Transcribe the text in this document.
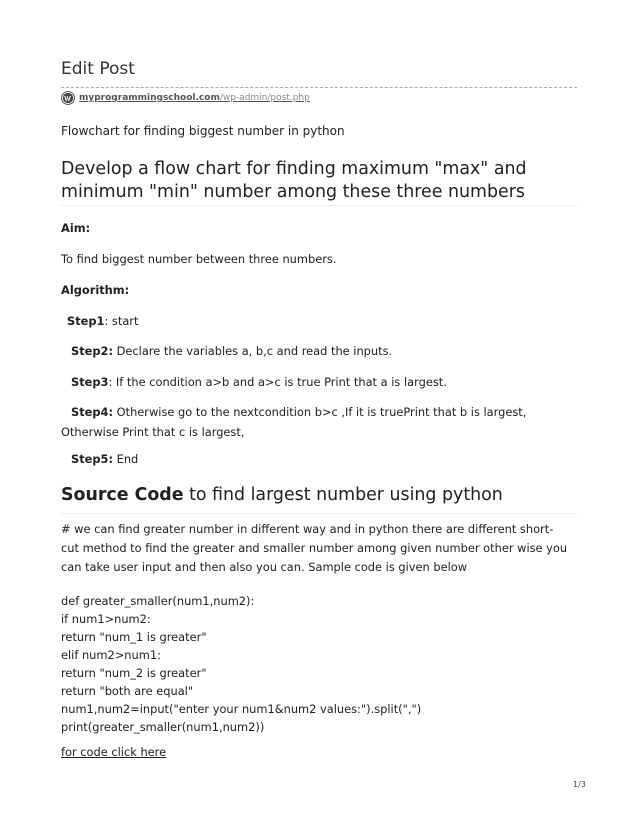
Edit Post
myprogrammingschool.com/wp-admin/post.php
Flowchart for finding biggest number in python
Develop a flow chart for finding maximum "max" and minimum "min" number among these three numbers
Aim:
To find biggest number between three numbers.
Algorithm:
Step1: start
Step2: Declare the variables a, b,c and read the inputs.
Step3: If the condition a>b and a>c is true Print that a is largest.
Step4: Otherwise go to the nextcondition b>c ,If it is truePrint that b is largest, Otherwise Print that c is largest,
Step5: End
Source Code to find largest number using python
# we can find greater number in different way and in python there are different short- cut method to find the greater and smaller number among given number other wise you can take user input and then also you can. Sample code is given below
def greater_smaller(num1,num2):
if num1>num2:
return "num_1 is greater"
elif num2>num1:
return "num_2 is greater"
return "both are equal"
num1,num2=input("enter your num1&num2 values:").split(",")
print(greater_smaller(num1,num2))
for code click here
1/3
